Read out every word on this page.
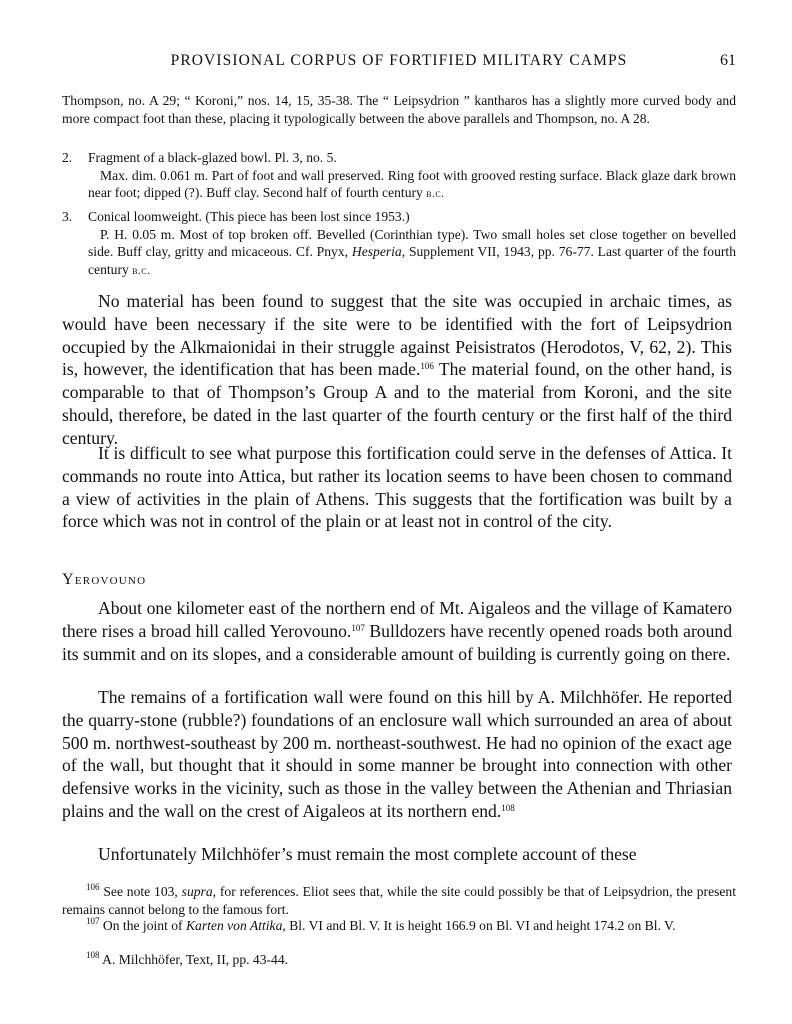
PROVISIONAL CORPUS OF FORTIFIED MILITARY CAMPS	61

Thompson, no. A 29; “ Koroni,” nos. 14, 15, 35-38. The “ Leipsydrion ” kantharos has a slightly more curved body and more compact foot than these, placing it typologically between the above parallels and Thompson, no. A 28.

2. Fragment of a black-glazed bowl. Pl. 3, no. 5.

Max. dim. 0.061 m. Part of foot and wall preserved. Ring foot with grooved resting surface. Black glaze dark brown near foot; dipped (?). Buff clay. Second half of fourth century b.c.

3. Conical loomweight. (This piece has been lost since 1953.)

P. H. 0.05 m. Most of top broken off. Bevelled (Corinthian type). Two small holes set close together on bevelled side. Buff clay, gritty and micaceous. Cf. Pnyx, Hesperia, Supplement VII, 1943, pp. 76-77. Last quarter of the fourth century b.c.

No material has been found to suggest that the site was occupied in archaic times, as would have been necessary if the site were to be identified with the fort of Leipsydrion occupied by the Alkmaionidai in their struggle against Peisistratos (Herodotos, V, 62, 2). This is, however, the identification that has been made.$^{106}$ The material found, on the other hand, is comparable to that of Thompson’s Group A and to the material from Koroni, and the site should, therefore, be dated in the last quarter of the fourth century or the first half of the third century.

It is difficult to see what purpose this fortification could serve in the defenses of Attica. It commands no route into Attica, but rather its location seems to have been chosen to command a view of activities in the plain of Athens. This suggests that the fortification was built by a force which was not in control of the plain or at least not in control of the city.

Yerovouno

About one kilometer east of the northern end of Mt. Aigaleos and the village of Kamatero there rises a broad hill called Yerovouno.$^{107}$ Bulldozers have recently opened roads both around its summit and on its slopes, and a considerable amount of building is currently going on there.

The remains of a fortification wall were found on this hill by A. Milchhöfer. He reported the quarry-stone (rubble?) foundations of an enclosure wall which surrounded an area of about 500 m. northwest-southeast by 200 m. northeast-southwest. He had no opinion of the exact age of the wall, but thought that it should in some manner be brought into connection with other defensive works in the vicinity, such as those in the valley between the Athenian and Thriasian plains and the wall on the crest of Aigaleos at its northern end.$^{108}$

Unfortunately Milchhöfer’s must remain the most complete account of these

$^{106}$ See note 103, supra, for references. Eliot sees that, while the site could possibly be that of Leipsydrion, the present remains cannot belong to the famous fort.

$^{107}$ On the joint of Karten von Attika, Bl. VI and Bl. V. It is height 166.9 on Bl. VI and height 174.2 on Bl. V.

$^{108}$ A. Milchhöfer, Text, II, pp. 43-44.
